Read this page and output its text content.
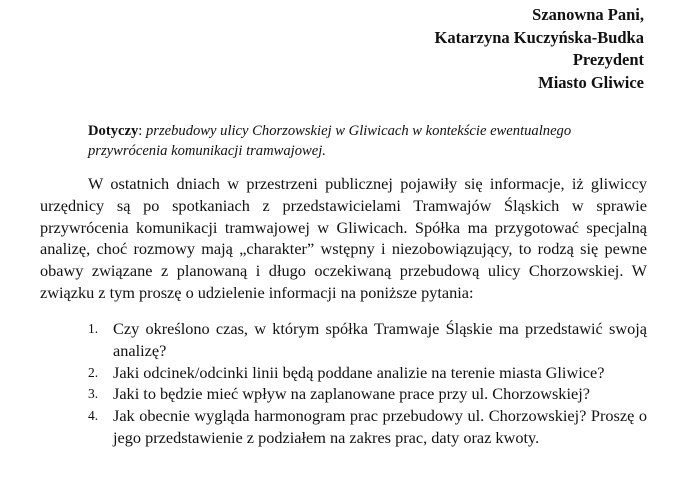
Szanowna Pani,
Katarzyna Kuczyńska-Budka
Prezydent
Miasto Gliwice
Dotyczy: przebudowy ulicy Chorzowskiej w Gliwicach w kontekście ewentualnego przywrócenia komunikacji tramwajowej.
W ostatnich dniach w przestrzeni publicznej pojawiły się informacje, iż gliwiccy urzędnicy są po spotkaniach z przedstawicielami Tramwajów Śląskich w sprawie przywrócenia komunikacji tramwajowej w Gliwicach. Spółka ma przygotować specjalną analizę, choć rozmowy mają „charakter” wstępny i niezobowiązujący, to rodzą się pewne obawy związane z planowaną i długo oczekiwaną przebudową ulicy Chorzowskiej. W związku z tym proszę o udzielenie informacji na poniższe pytania:
1. Czy określono czas, w którym spółka Tramwaje Śląskie ma przedstawić swoją analizę?
2. Jaki odcinek/odcinki linii będą poddane analizie na terenie miasta Gliwice?
3. Jaki to będzie mieć wpływ na zaplanowane prace przy ul. Chorzowskiej?
4. Jak obecnie wygląda harmonogram prac przebudowy ul. Chorzowskiej? Proszę o jego przedstawienie z podziałem na zakres prac, daty oraz kwoty.
